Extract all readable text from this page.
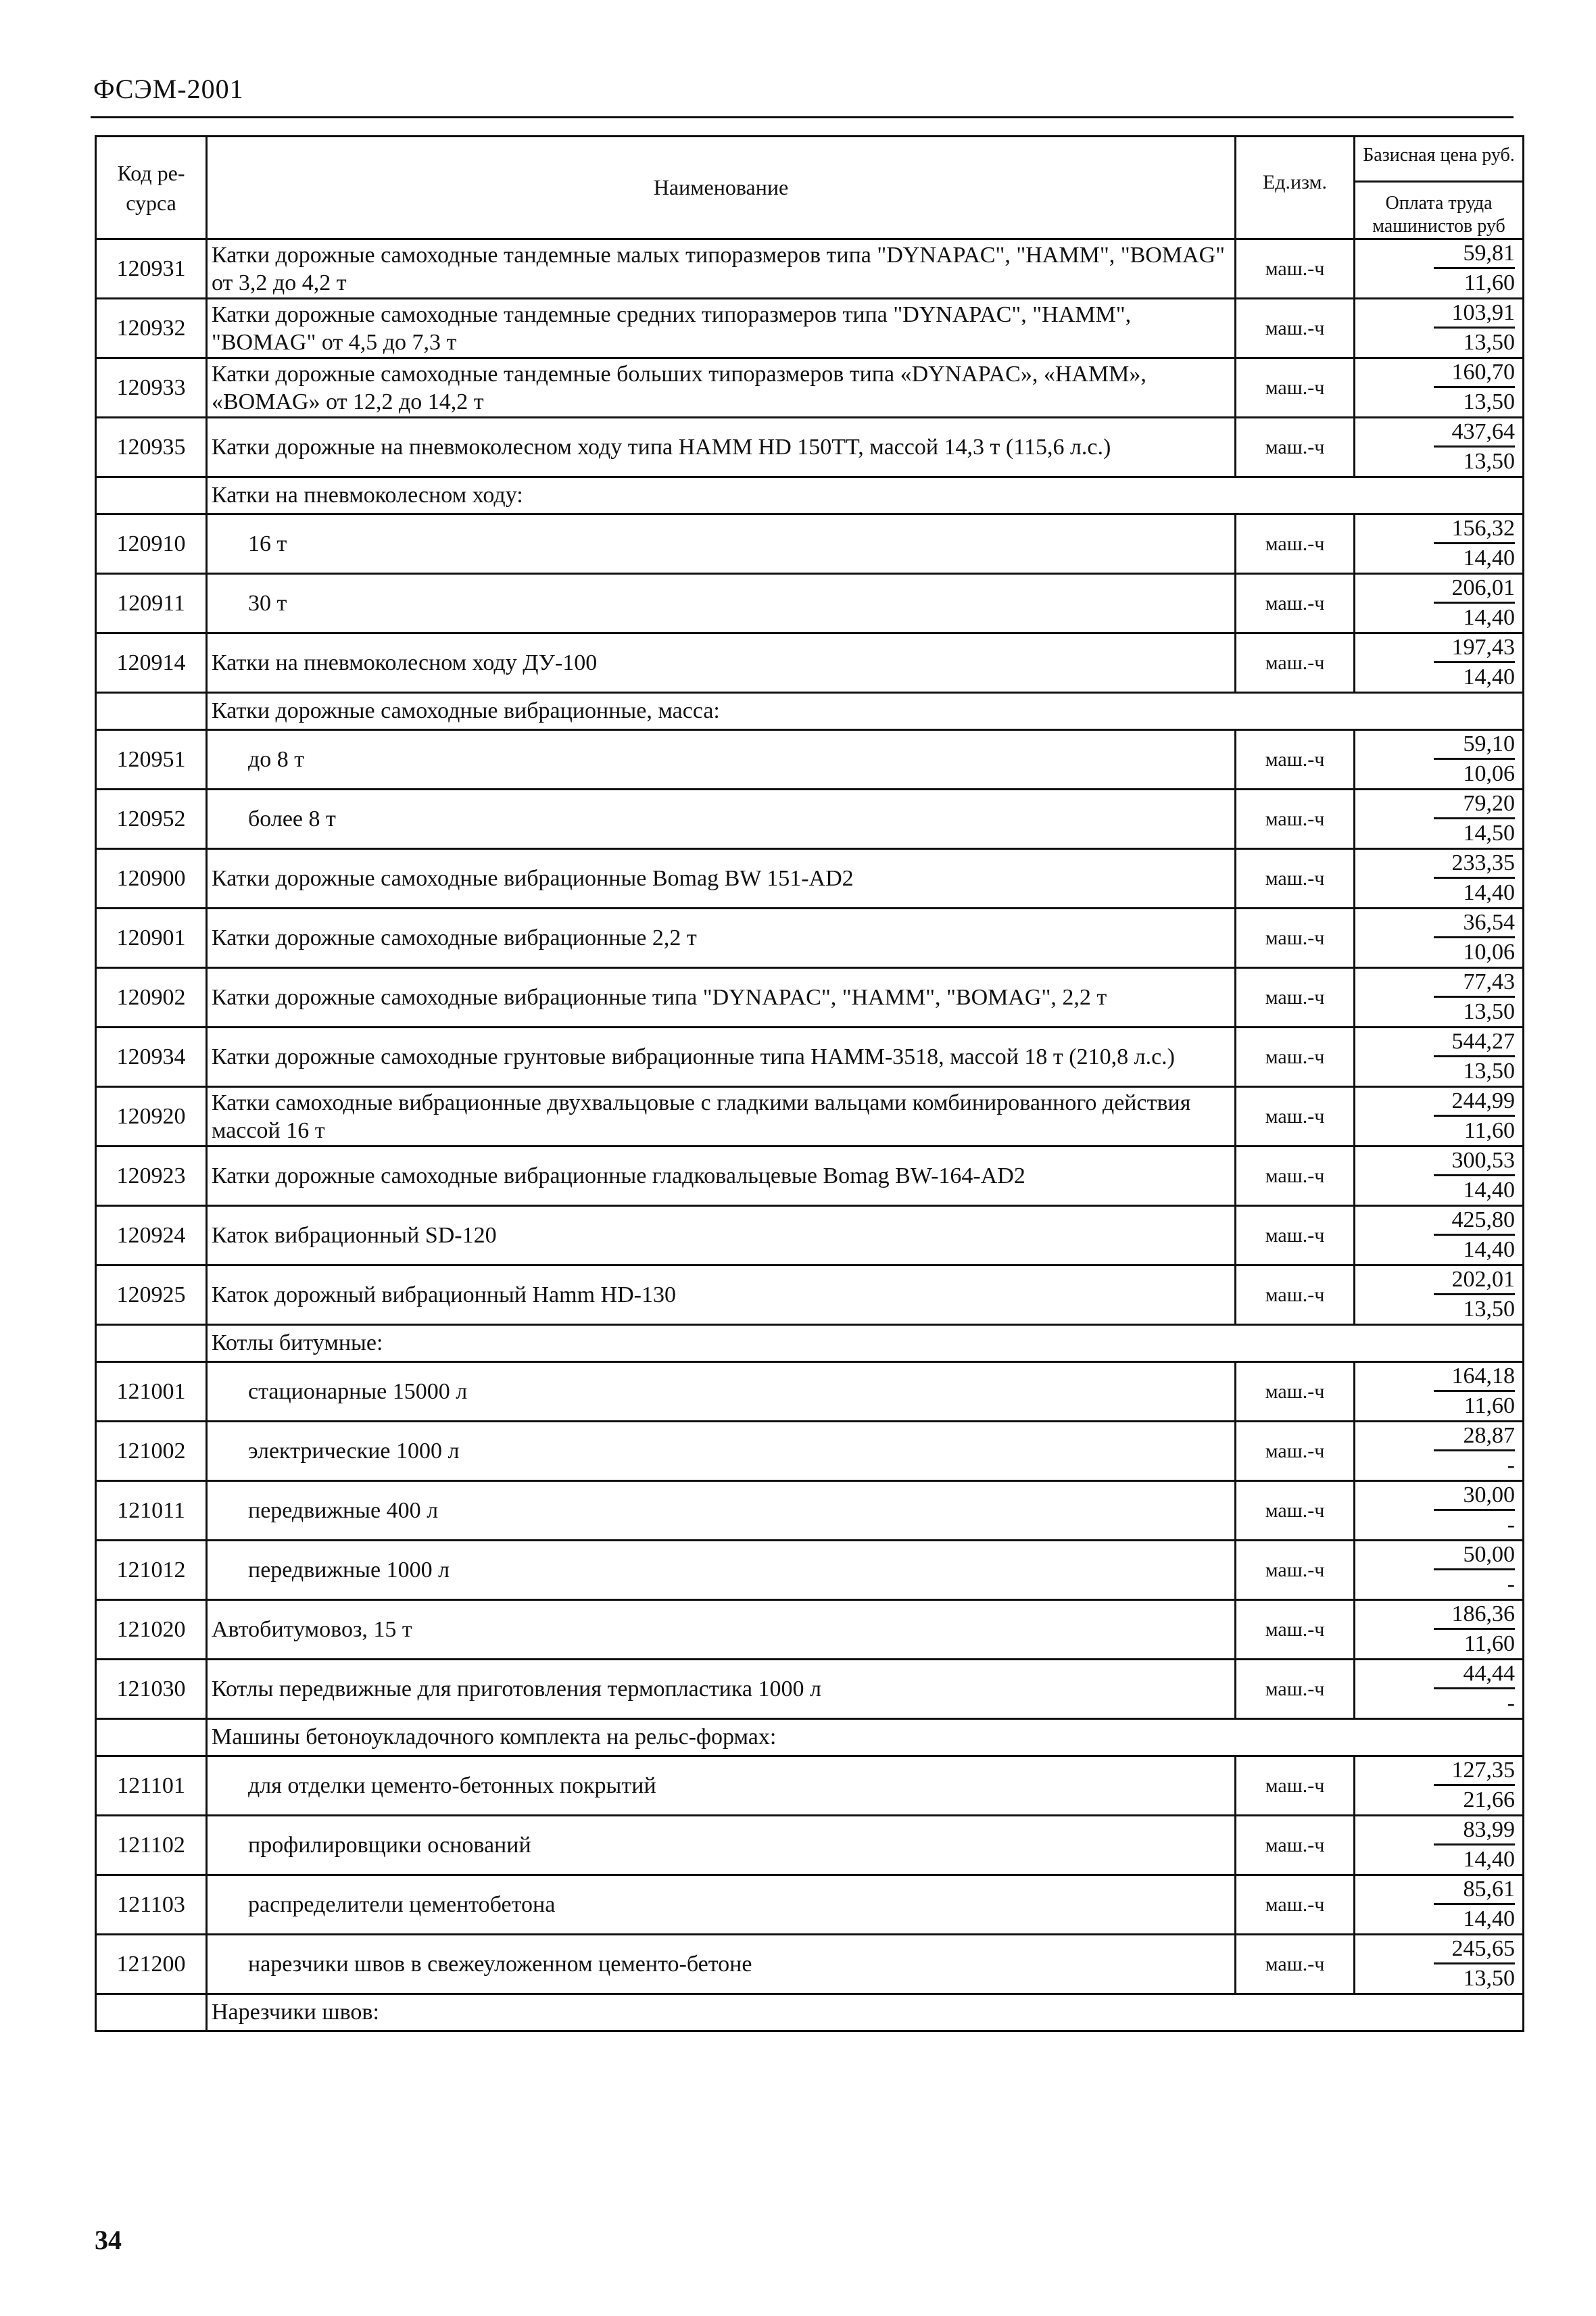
ФСЭМ-2001
Код ре-сурса	Наименование	Ед.изм.	Базисная цена руб.
Оплата труда машинистов руб

120931	Катки дорожные самоходные тандемные малых типоразмеров типа "DYNAPAC", "HAMM", "BOMAG" от 3,2 до 4,2 т	маш.-ч	59,81
11,60

120932	Катки дорожные самоходные тандемные средних типоразмеров типа "DYNAPAC", "HAMM", "BOMAG" от 4,5 до 7,3 т	маш.-ч	103,91
13,50

120933	Катки дорожные самоходные тандемные больших типоразмеров типа «DYNAPAC», «HAMM», «BOMAG» от 12,2 до 14,2 т	маш.-ч	160,70
13,50

120935	Катки дорожные на пневмоколесном ходу типа HAMM HD 150TT, массой 14,3 т (115,6 л.с.)	маш.-ч	437,64
13,50

	Катки на пневмоколесном ходу:		
120910	16 т	маш.-ч	156,32
14,40

120911	30 т	маш.-ч	206,01
14,40

120914	Катки на пневмоколесном ходу ДУ-100	маш.-ч	197,43
14,40

	Катки дорожные самоходные вибрационные, масса:		
120951	до 8 т	маш.-ч	59,10
10,06

120952	более 8 т	маш.-ч	79,20
14,50

120900	Катки дорожные самоходные вибрационные Bomag BW 151-AD2	маш.-ч	233,35
14,40

120901	Катки дорожные самоходные вибрационные 2,2 т	маш.-ч	36,54
10,06

120902	Катки дорожные самоходные вибрационные типа "DYNAPAC", "HAMM", "BOMAG", 2,2 т	маш.-ч	77,43
13,50

120934	Катки дорожные самоходные грунтовые вибрационные типа HAMM-3518, массой 18 т (210,8 л.с.)	маш.-ч	544,27
13,50

120920	Катки самоходные вибрационные двухвальцовые с гладкими вальцами комбинированного действия массой 16 т	маш.-ч	244,99
11,60

120923	Катки дорожные самоходные вибрационные гладковальцевые Bomag BW-164-AD2	маш.-ч	300,53
14,40

120924	Каток вибрационный SD-120	маш.-ч	425,80
14,40

120925	Каток дорожный вибрационный Hamm HD-130	маш.-ч	202,01
13,50

	Котлы битумные:		
121001	стационарные 15000 л	маш.-ч	164,18
11,60

121002	электрические 1000 л	маш.-ч	28,87
-

121011	передвижные 400 л	маш.-ч	30,00
-

121012	передвижные 1000 л	маш.-ч	50,00
-

121020	Автобитумовоз, 15 т	маш.-ч	186,36
11,60

121030	Котлы передвижные для приготовления термопластика 1000 л	маш.-ч	44,44
-

	Машины бетоноукладочного комплекта на рельс-формах:		
121101	для отделки цементо-бетонных покрытий	маш.-ч	127,35
21,66

121102	профилировщики оснований	маш.-ч	83,99
14,40

121103	распределители цементобетона	маш.-ч	85,61
14,40

121200	нарезчики швов в свежеуложенном цементо-бетоне	маш.-ч	245,65
13,50

	Нарезчики швов:		
34
